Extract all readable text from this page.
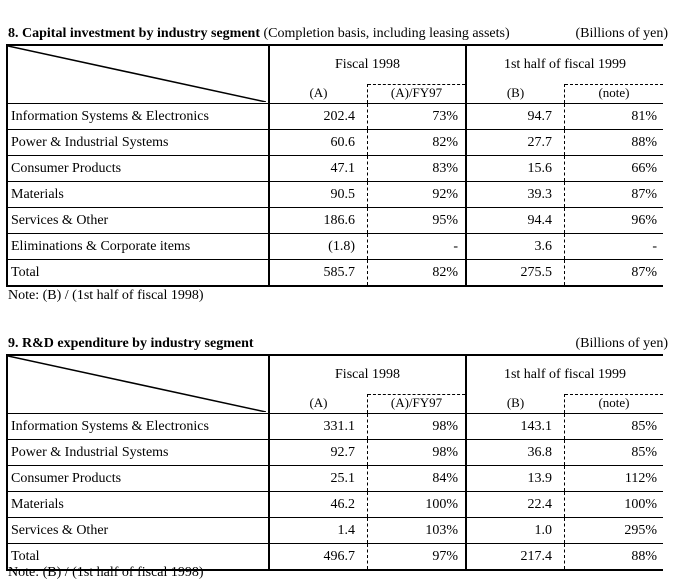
8. Capital investment by industry segment (Completion basis, including leasing assets)	(Billions of yen)
	Fiscal 1998		1st half of fiscal 1999	
	(A)	(A)/FY97	(B)	(note)
Information Systems & Electronics	202.4	73%	94.7	81%
Power & Industrial Systems	60.6	82%	27.7	88%
Consumer Products	47.1	83%	15.6	66%
Materials	90.5	92%	39.3	87%
Services & Other	186.6	95%	94.4	96%
Eliminations & Corporate items	(1.8)	-	3.6	-
Total	585.7	82%	275.5	87%
Note: (B) / (1st half of fiscal 1998)
9. R&D expenditure by industry segment	(Billions of yen)
	Fiscal 1998		1st half of fiscal 1999	
	(A)	(A)/FY97	(B)	(note)
Information Systems & Electronics	331.1	98%	143.1	85%
Power & Industrial Systems	92.7	98%	36.8	85%
Consumer Products	25.1	84%	13.9	112%
Materials	46.2	100%	22.4	100%
Services & Other	1.4	103%	1.0	295%
Total	496.7	97%	217.4	88%
Note: (B) / (1st half of fiscal 1998)
